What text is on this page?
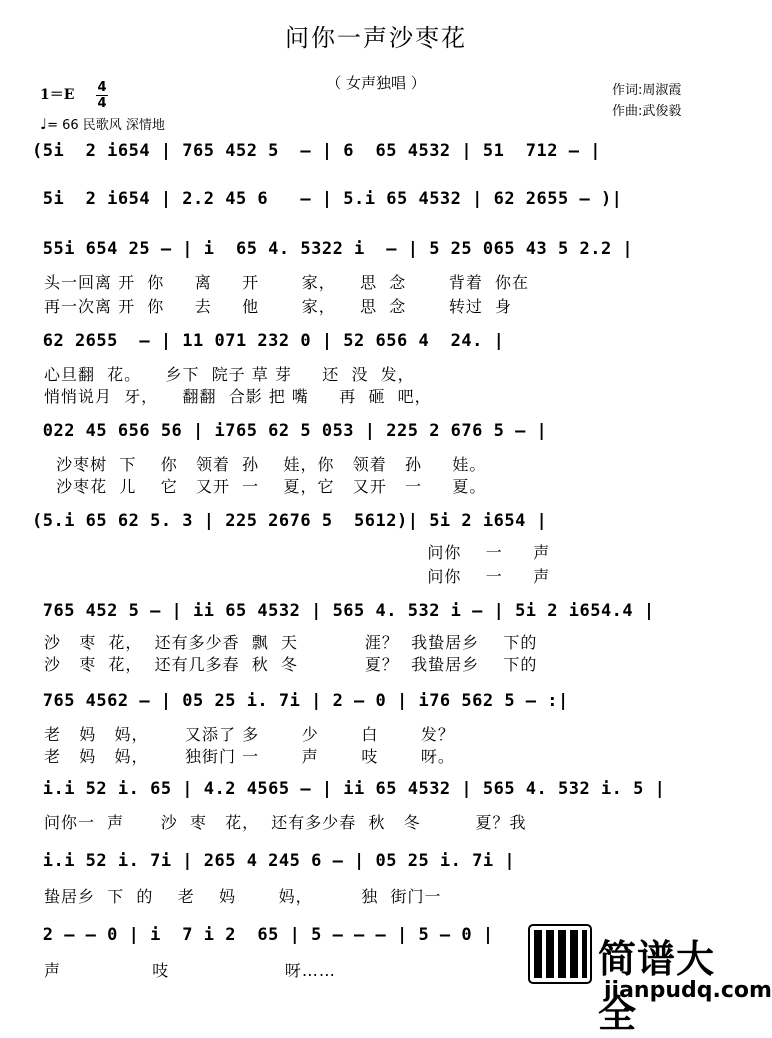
问你一声沙枣花
（ 女声独唱 ）	作词:周淑霞
作曲:武俊毅
1＝E 4
4
♩= 66 民歌风 深情地
(5i  2 i654 | 765 452 5  – | 6  65 4532 | 51  712 – |
5i  2 i654 | 2.2 45 6   – | 5.i 65 4532 | 62 2655 – )|
55i 654 25 – | i  65 4. 5322 i  – | 5 25 065 43 5 2.2 |
头一回离 开  你     离     开       家，    思  念       背着  你在
再一次离 开  你     去     他       家，    思  念       转过  身
62 2655  – | 11 071 232 0 | 52 656 4  24. |
心旦翻  花。    乡下  院子 草 芽     还  没  发，
悄悄说月  牙，    翻翻  合影 把 嘴     再  砸  吧，
022 45 656 56 | i765 62 5 053 | 225 2 676 5 – |
沙枣树  下    你   领着  孙    娃，你   领着   孙     娃。
沙枣花  儿    它   又开  一    夏，它   又开   一     夏。
(5.i 65 62 5. 3 | 225 2676 5  5612)| 5i 2 i654 |
问你    一     声
问你    一     声
765 452 5 – | ii 65 4532 | 565 4. 532 i – | 5i 2 i654.4 |
沙   枣  花，  还有多少香  飘  天           涯？  我蛰居乡    下的
沙   枣  花，  还有几多春  秋  冬           夏？  我蛰居乡    下的
765 4562 – | 05 25 i. 7i | 2 – 0 | i76 562 5 – :|
老   妈   妈，      又添了 多       少       白       发？
老   妈   妈，      独街门 一       声       吱       呀。
i.i 52 i. 65 | 4.2 4565 – | ii 65 4532 | 565 4. 532 i. 5 |
问你一  声      沙  枣   花，  还有多少春  秋   冬         夏？我
i.i 52 i. 7i | 265 4 245 6 – | 05 25 i. 7i |
蛰居乡  下  的    老    妈       妈，        独  街门一
2 – – 0 | i  7 i 2  65 | 5 – – – | 5 – 0 |
声               吱                   呀……	简谱大全
jianpudq.com
